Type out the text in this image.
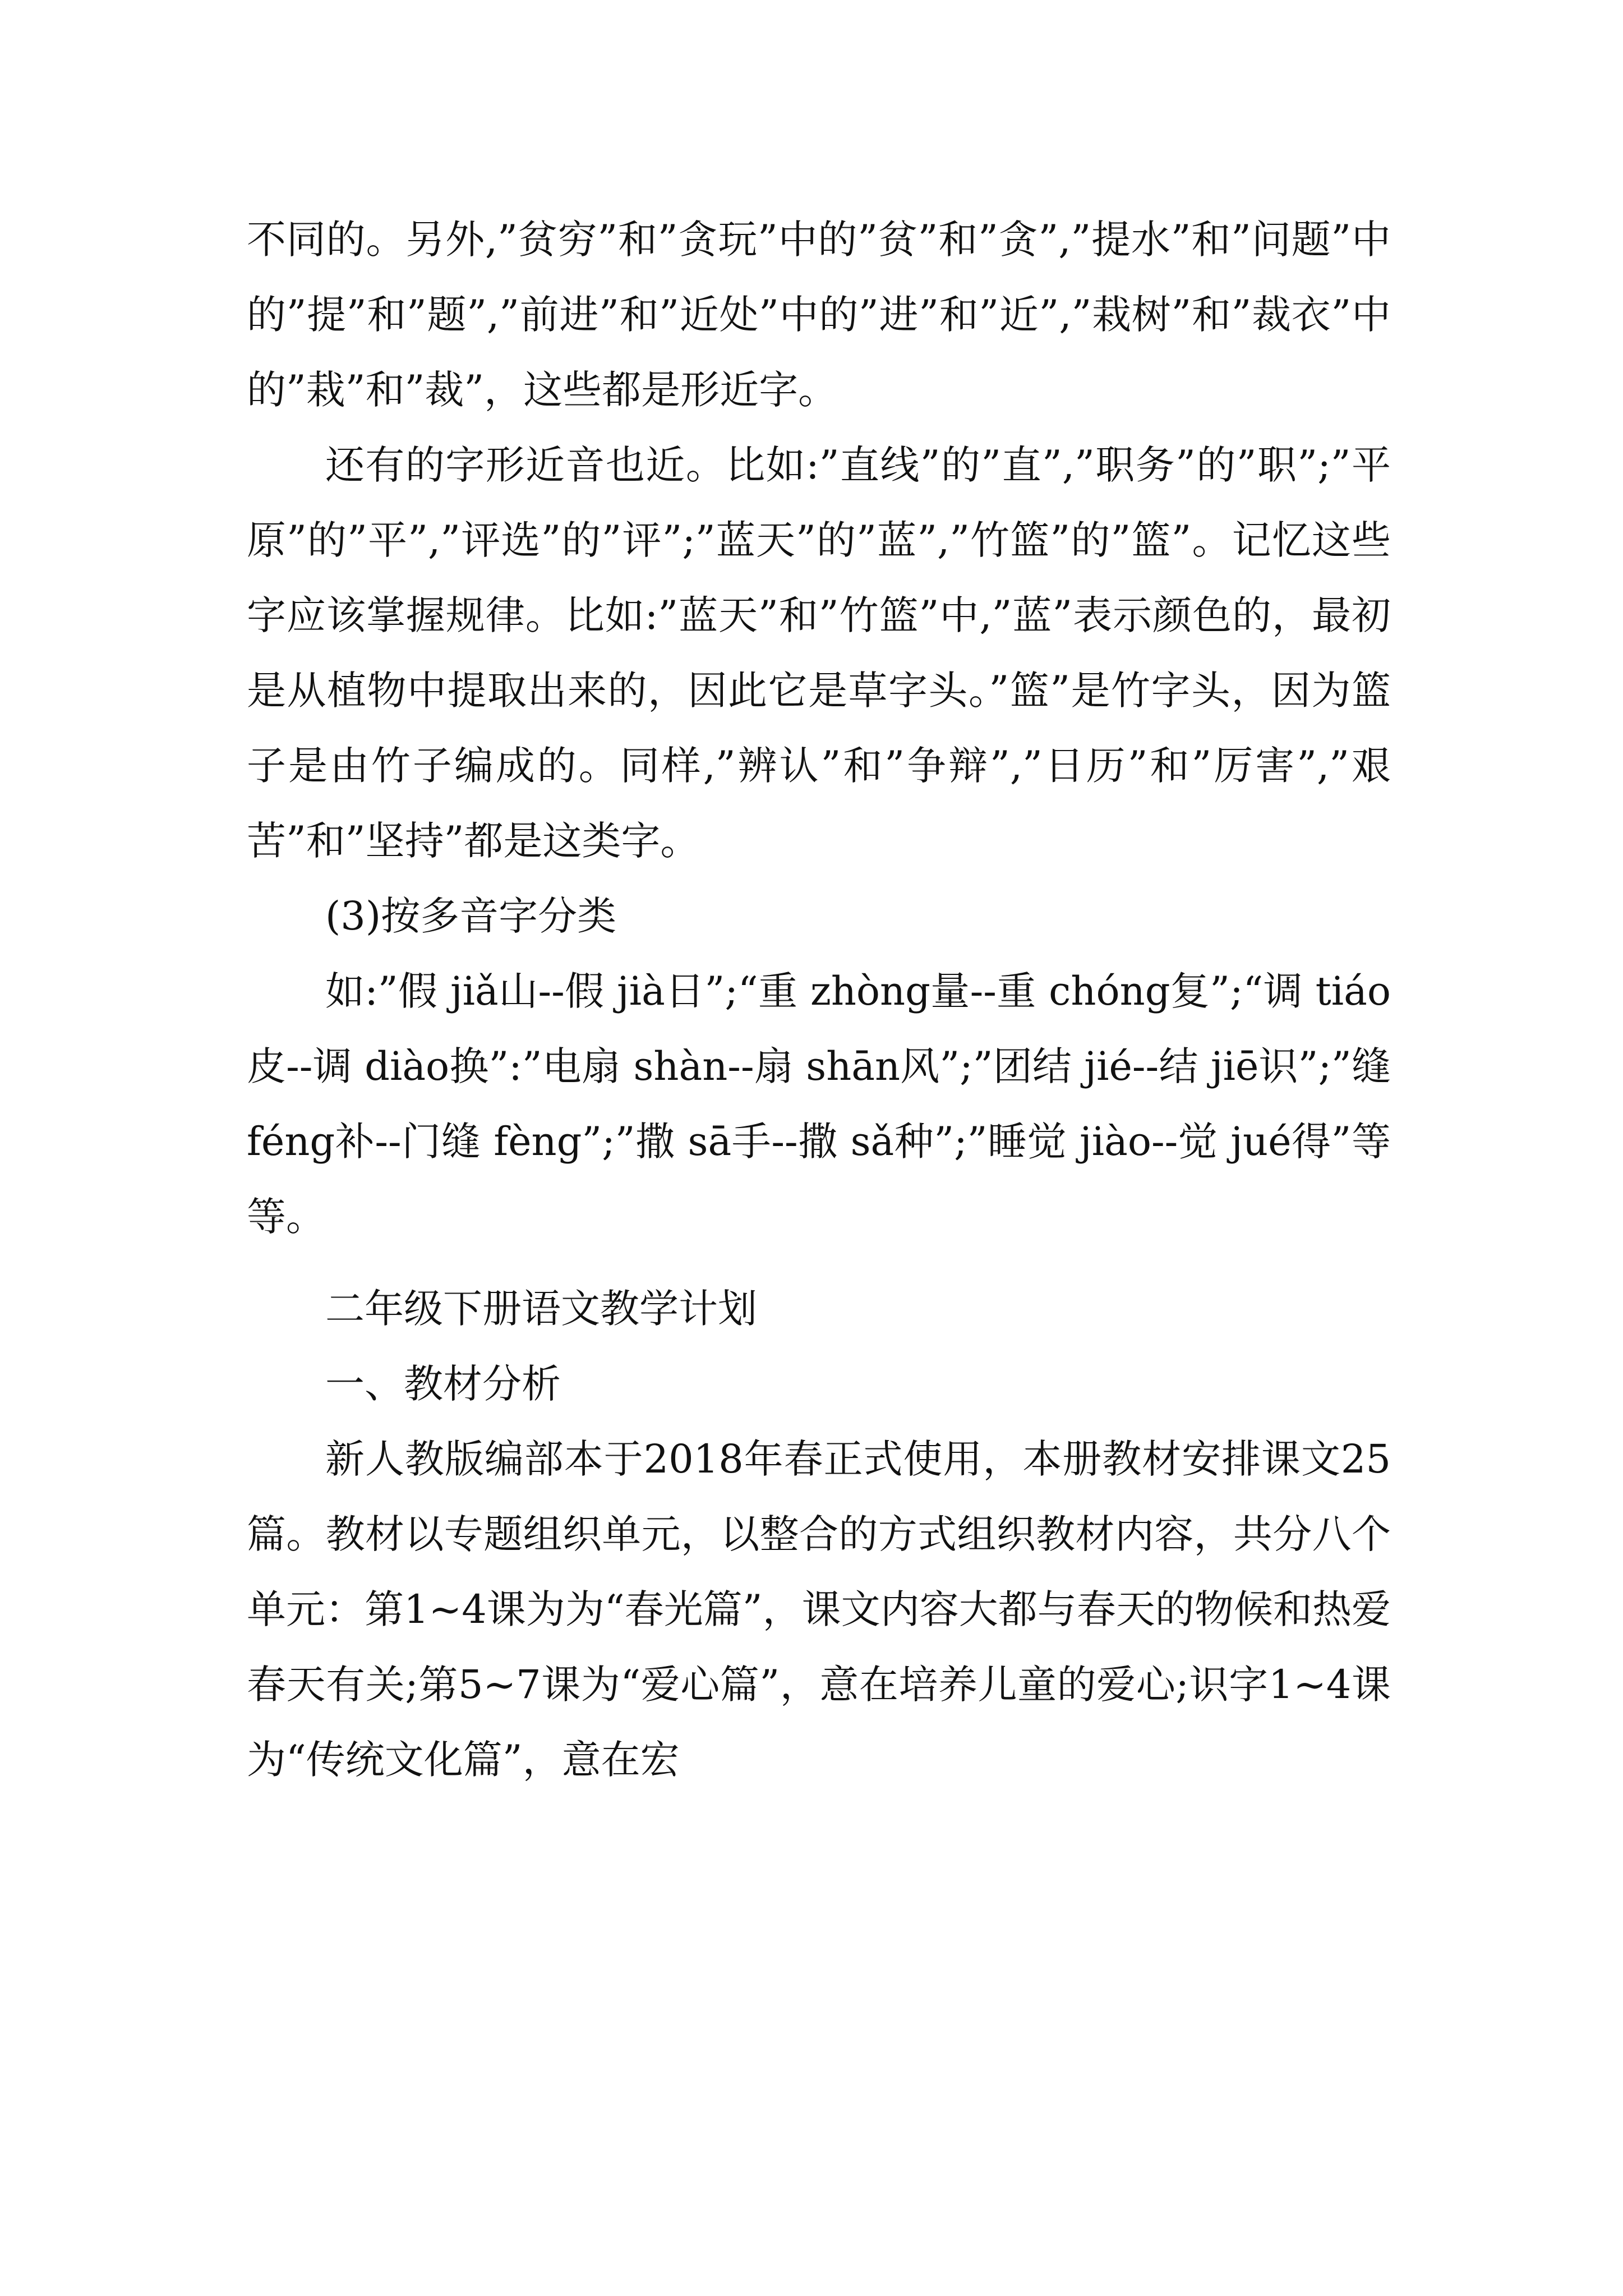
不同的。另外,”贫穷”和”贪玩”中的”贫”和”贪”,”提水”和”问题”中的”提”和”题”,”前进”和”近处”中的”进”和”近”,”栽树”和”裁衣”中的”栽”和”裁”，这些都是形近字。

还有的字形近音也近。比如:”直线”的”直”,”职务”的”职”;”平原”的”平”,”评选”的”评”;”蓝天”的”蓝”,”竹篮”的”篮”。记忆这些字应该掌握规律。比如:”蓝天”和”竹篮”中,”蓝”表示颜色的，最初是从植物中提取出来的，因此它是草字头。”篮”是竹字头，因为篮子是由竹子编成的。同样,”辨认”和”争辩”,”日历”和”厉害”,”艰苦”和”坚持”都是这类字。

(3)按多音字分类

如:”假 jiǎ山--假 jià日”;“重 zhòng量--重 chóng复”;“调 tiáo皮--调 diào换”:”电扇 shàn--扇 shān风”;”团结 jié--结 jiē识”;”缝 féng补--门缝 fèng”;”撒 sā手--撒 sǎ种”;”睡觉 jiào--觉 jué得”等等。

二年级下册语文教学计划

一、教材分析

新人教版编部本于2018年春正式使用，本册教材安排课文25篇。教材以专题组织单元，以整合的方式组织教材内容，共分八个单元：第1~4课为为“春光篇”，课文内容大都与春天的物候和热爱春天有关;第5~7课为“爱心篇”，意在培养儿童的爱心;识字1~4课为“传统文化篇”，意在宏
